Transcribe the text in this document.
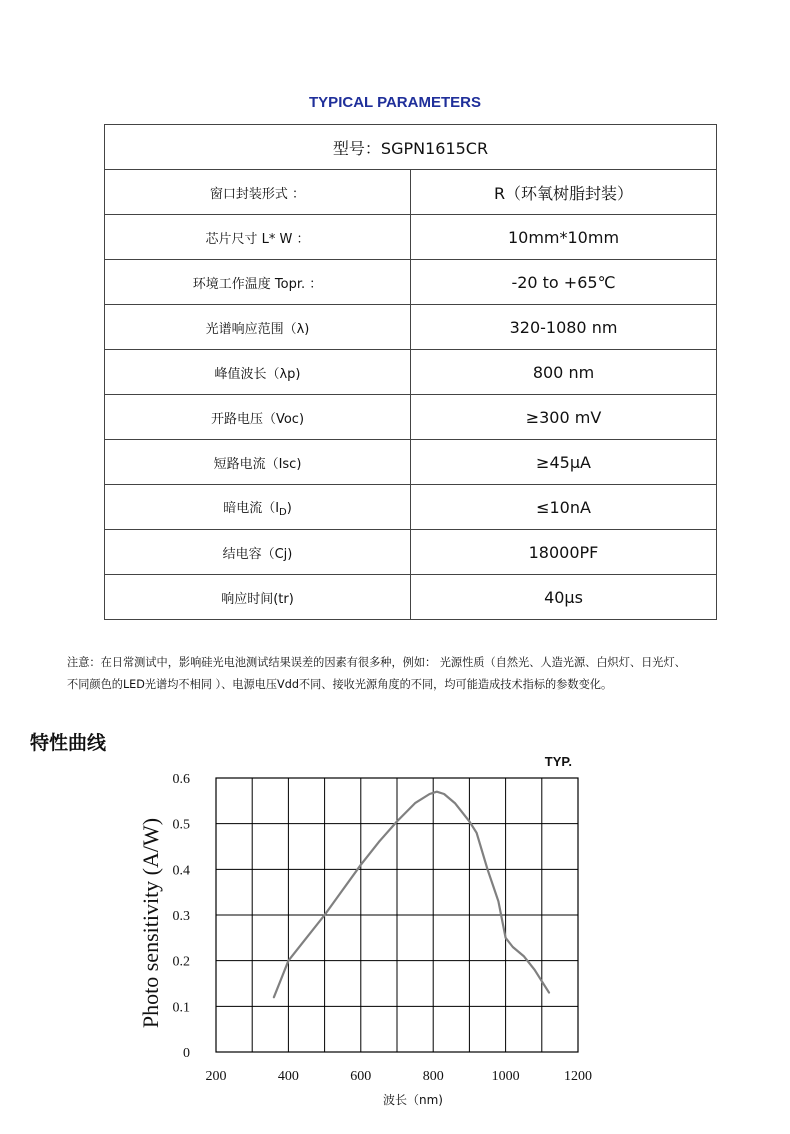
TYPICAL PARAMETERS
型号：SGPN1615CR	
窗口封装形式 ：	R（环氧树脂封装）
芯片尺寸 L* W ：	10mm*10mm
环境工作温度 Topr. ：	-20 to +65℃
光谱响应范围（λ)	320-1080 nm
峰值波长（λp)	800 nm
开路电压（Voc)	≥300 mV
短路电流（Isc)	≥45μA
暗电流$(I_D)$	≤10nA
结电容（Cj)	18000PF
响应时间(tr)	40μs
注意：在日常测试中，影响硅光电池测试结果误差的因素有很多种，例如： 光源性质（自然光、人造光源、白炽灯、日光灯、
不同颜色的LED光谱均不相同 ）、电源电压Vdd不同、接收光源角度的不同，均可能造成技术指标的参数变化。
特性曲线
0
0.1
0.2
0.3
0.4
0.5
0.6
200	400	600	800	1000	1200
波长（nm)
Photo sensitivity (A/W)
TYP.
